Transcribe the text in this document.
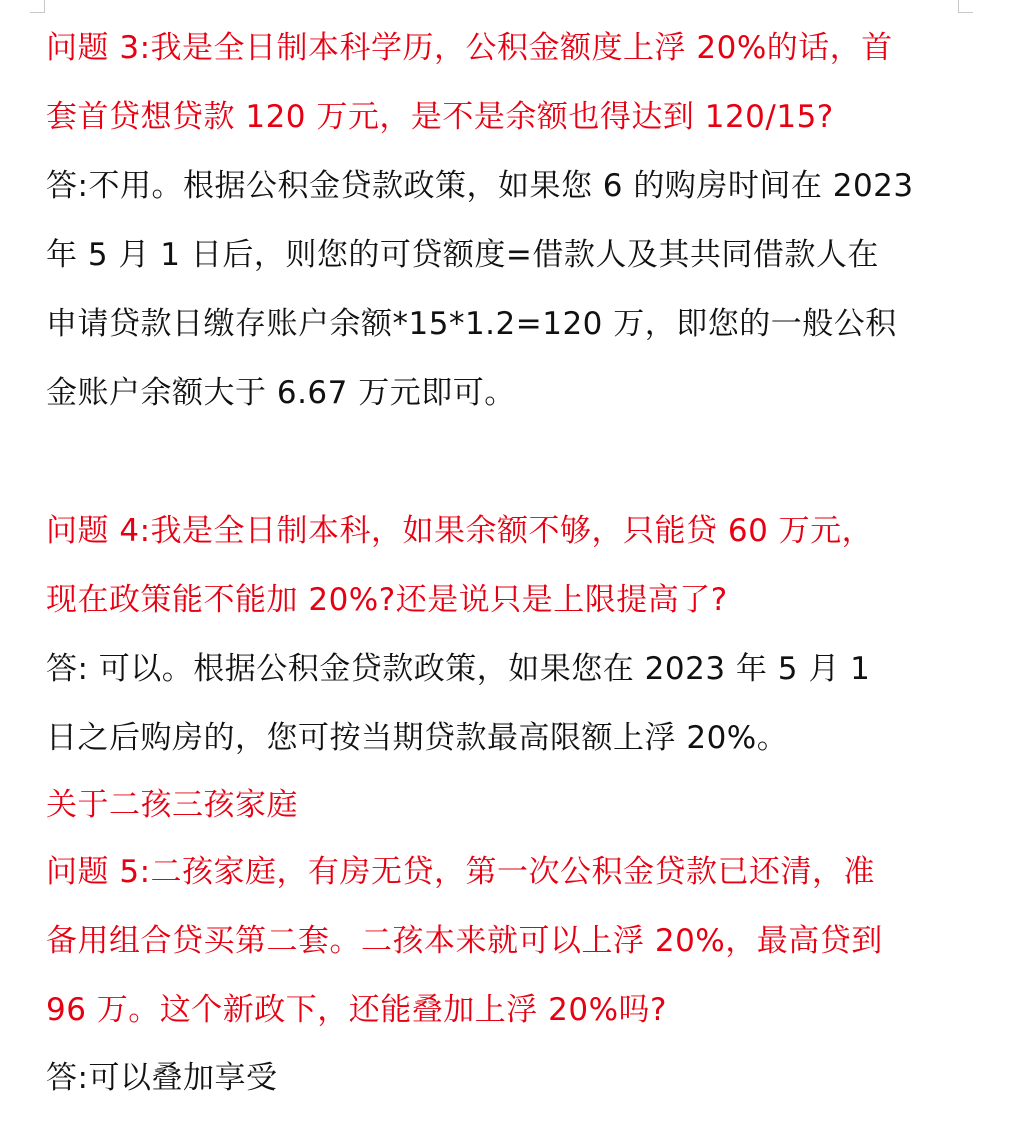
问题 3:我是全日制本科学历，公积金额度上浮 20%的话，首
套首贷想贷款 120 万元，是不是余额也得达到 120/15?
答:不用。根据公积金贷款政策，如果您 6 的购房时间在 2023
年 5 月 1 日后，则您的可贷额度=借款人及其共同借款人在
申请贷款日缴存账户余额*15*1.2=120 万，即您的一般公积
金账户余额大于 6.67 万元即可。
问题 4:我是全日制本科，如果余额不够，只能贷 60 万元，
现在政策能不能加 20%?还是说只是上限提高了?
答: 可以。根据公积金贷款政策，如果您在 2023 年 5 月 1
日之后购房的，您可按当期贷款最高限额上浮 20%。
关于二孩三孩家庭
问题 5:二孩家庭，有房无贷，第一次公积金贷款已还清，准
备用组合贷买第二套。二孩本来就可以上浮 20%，最高贷到
96 万。这个新政下，还能叠加上浮 20%吗?
答:可以叠加享受
